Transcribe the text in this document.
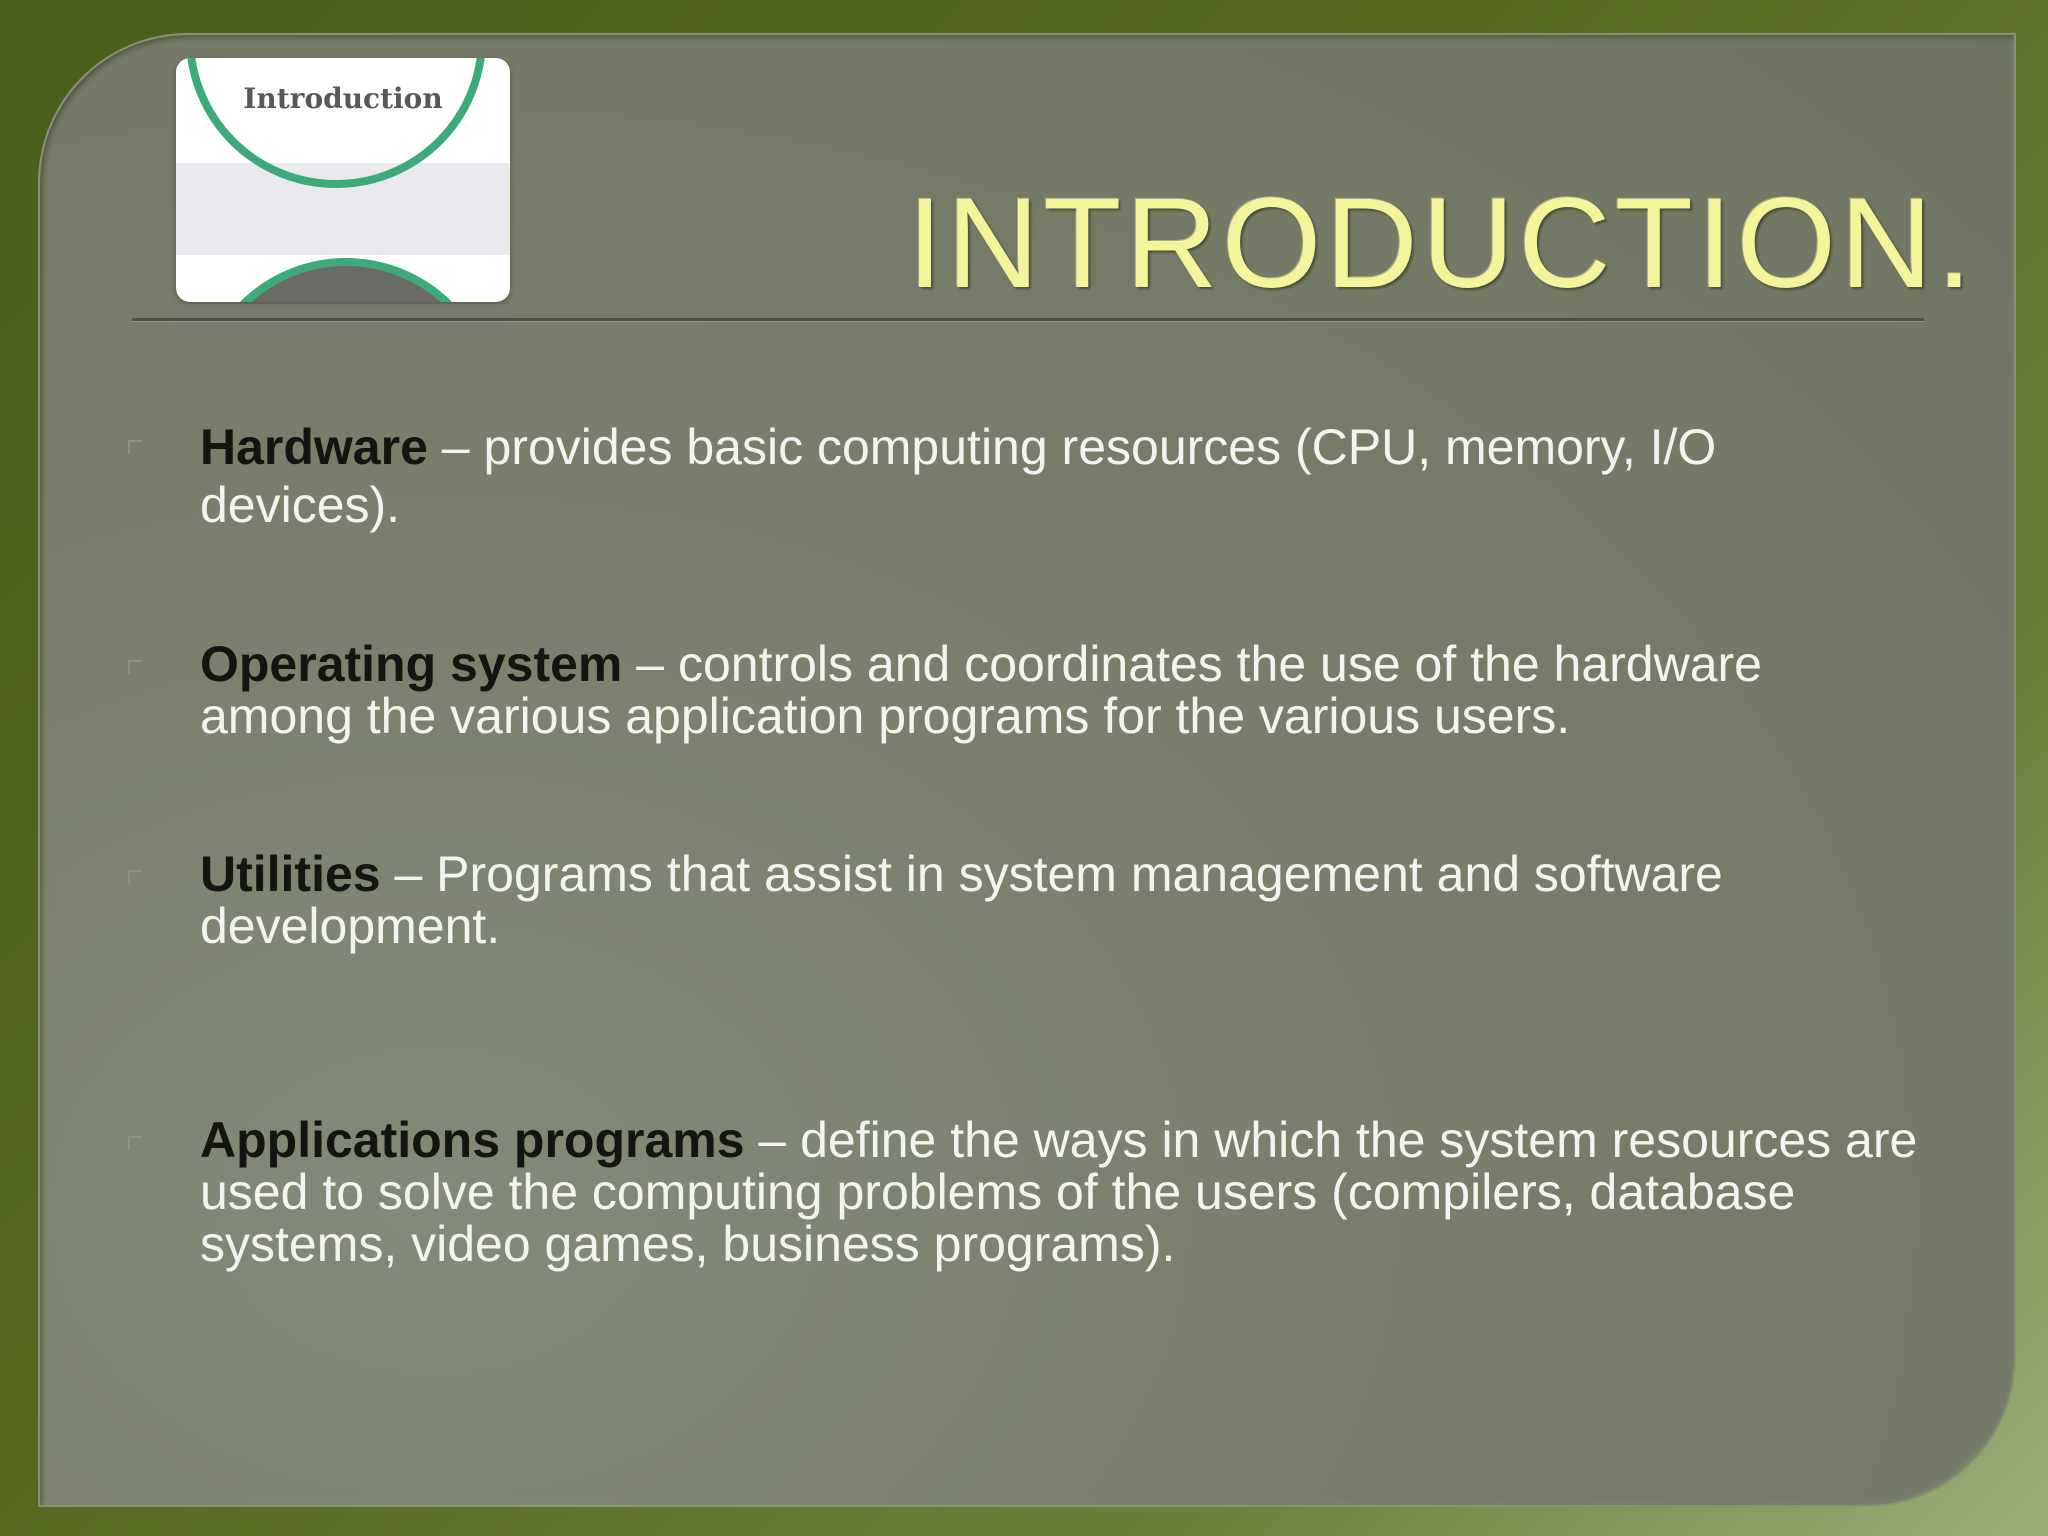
Introduction
INTRODUCTION.
Hardware – provides basic computing resources (CPU, memory, I/O devices).
Operating system – controls and coordinates the use of the hardware among the various application programs for the various users.
Utilities – Programs that assist in system management and software development.
Applications programs – define the ways in which the system resources are used to solve the computing problems of the users (compilers, database systems, video games, business programs).
